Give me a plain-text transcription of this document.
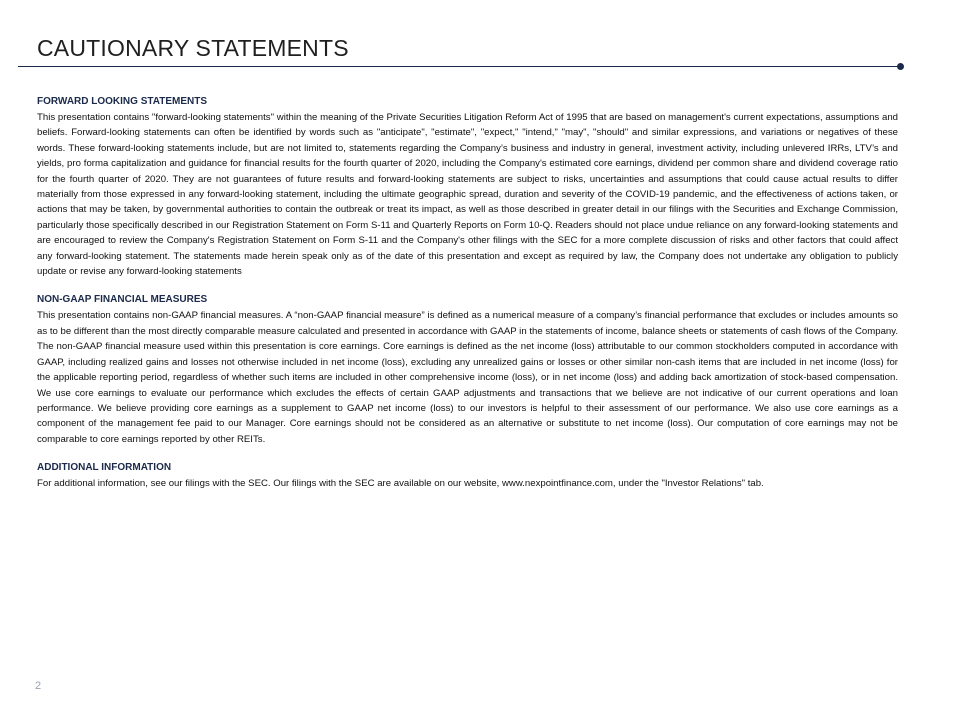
CAUTIONARY STATEMENTS
FORWARD LOOKING STATEMENTS

This presentation contains "forward-looking statements" within the meaning of the Private Securities Litigation Reform Act of 1995 that are based on management's current expectations, assumptions and beliefs. Forward-looking statements can often be identified by words such as "anticipate", "estimate", "expect," "intend," "may", "should" and similar expressions, and variations or negatives of these words. These forward-looking statements include, but are not limited to, statements regarding the Company’s business and industry in general, investment activity, including unlevered IRRs, LTV’s and yields, pro forma capitalization and guidance for financial results for the fourth quarter of 2020, including the Company's estimated core earnings, dividend per common share and dividend coverage ratio for the fourth quarter of 2020. They are not guarantees of future results and forward-looking statements are subject to risks, uncertainties and assumptions that could cause actual results to differ materially from those expressed in any forward-looking statement, including the ultimate geographic spread, duration and severity of the COVID-19 pandemic, and the effectiveness of actions taken, or actions that may be taken, by governmental authorities to contain the outbreak or treat its impact, as well as those described in greater detail in our filings with the Securities and Exchange Commission, particularly those specifically described in our Registration Statement on Form S-11 and Quarterly Reports on Form 10-Q. Readers should not place undue reliance on any forward-looking statements and are encouraged to review the Company's Registration Statement on Form S-11 and the Company's other filings with the SEC for a more complete discussion of risks and other factors that could affect any forward-looking statement. The statements made herein speak only as of the date of this presentation and except as required by law, the Company does not undertake any obligation to publicly update or revise any forward-looking statements

NON-GAAP FINANCIAL MEASURES

This presentation contains non-GAAP financial measures. A “non-GAAP financial measure” is defined as a numerical measure of a company’s financial performance that excludes or includes amounts so as to be different than the most directly comparable measure calculated and presented in accordance with GAAP in the statements of income, balance sheets or statements of cash flows of the Company. The non-GAAP financial measure used within this presentation is core earnings. Core earnings is defined as the net income (loss) attributable to our common stockholders computed in accordance with GAAP, including realized gains and losses not otherwise included in net income (loss), excluding any unrealized gains or losses or other similar non-cash items that are included in net income (loss) for the applicable reporting period, regardless of whether such items are included in other comprehensive income (loss), or in net income (loss) and adding back amortization of stock-based compensation. We use core earnings to evaluate our performance which excludes the effects of certain GAAP adjustments and transactions that we believe are not indicative of our current operations and loan performance. We believe providing core earnings as a supplement to GAAP net income (loss) to our investors is helpful to their assessment of our performance. We also use core earnings as a component of the management fee paid to our Manager. Core earnings should not be considered as an alternative or substitute to net income (loss). Our computation of core earnings may not be comparable to core earnings reported by other REITs.

ADDITIONAL INFORMATION

For additional information, see our filings with the SEC. Our filings with the SEC are available on our website, www.nexpointfinance.com, under the "Investor Relations" tab.

2
